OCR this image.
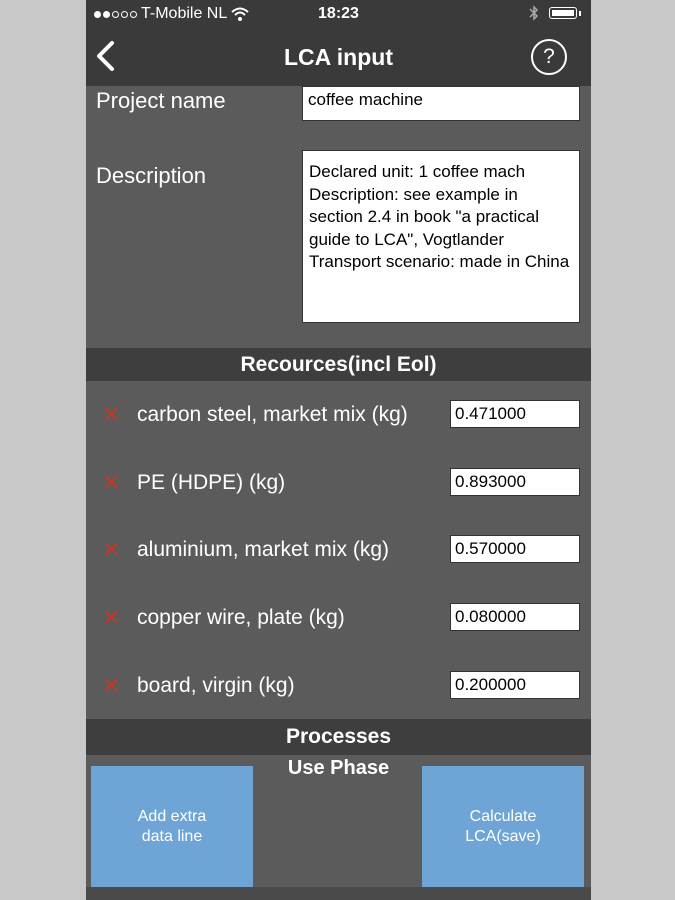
T-Mobile NL	18:23
LCA input	?
Project name	coffee machine
Description	Declared unit: 1 coffee mach
Description: see example in section 2.4 in book "a practical guide to LCA", Vogtlander
Transport scenario: made in China
Recources(incl Eol)
✕ carbon steel, market mix (kg)	0.471000
✕ PE (HDPE) (kg)	0.893000
✕ aluminium, market mix (kg)	0.570000
✕ copper wire, plate (kg)	0.080000
✕ board, virgin (kg)	0.200000
Processes
Use Phase
Add extra
data line
Calculate
LCA(save)
